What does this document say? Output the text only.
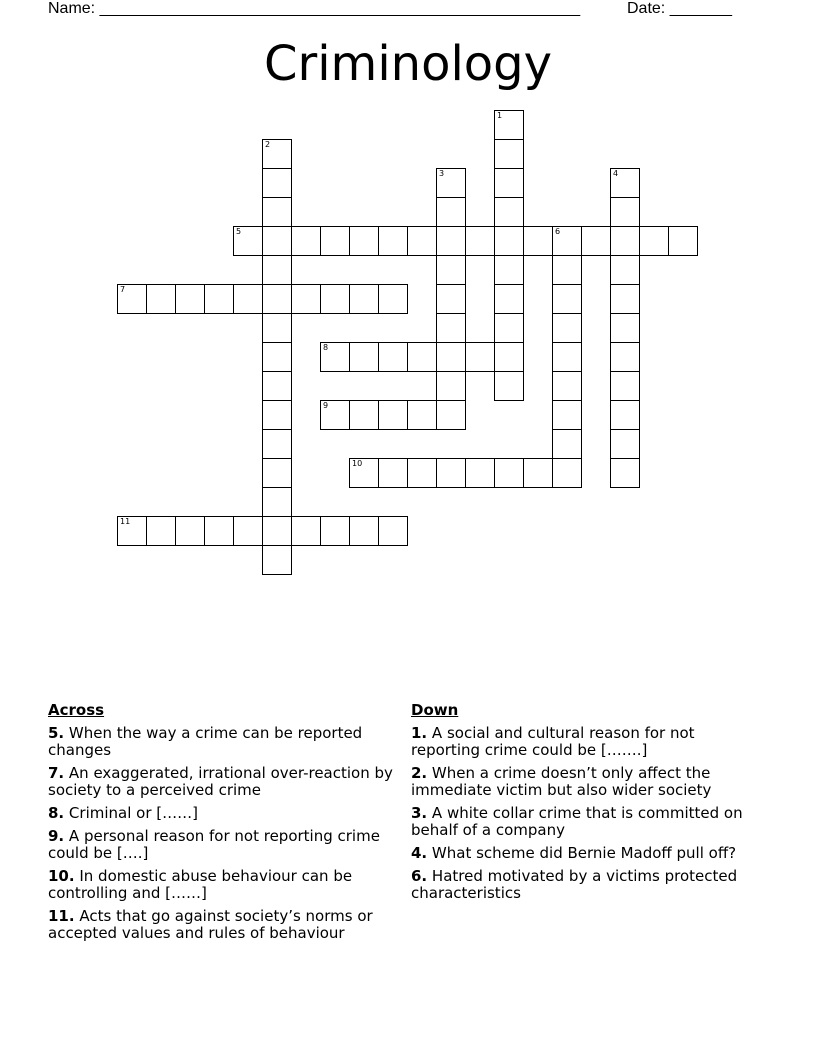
Name: ______________________________________________________	Date: _______
Criminology
1
2
3	4
5	6
7
8
9
10
11
Across
5. When the way a crime can be reported changes
7. An exaggerated, irrational over-reaction by society to a perceived crime
8. Criminal or [……]
9. A personal reason for not reporting crime could be [….]
10. In domestic abuse behaviour can be controlling and [……]
11. Acts that go against society’s norms or accepted values and rules of behaviour
Down
1. A social and cultural reason for not reporting crime could be […….]
2. When a crime doesn’t only affect the immediate victim but also wider society
3. A white collar crime that is committed on behalf of a company
4. What scheme did Bernie Madoff pull off?
6. Hatred motivated by a victims protected characteristics
